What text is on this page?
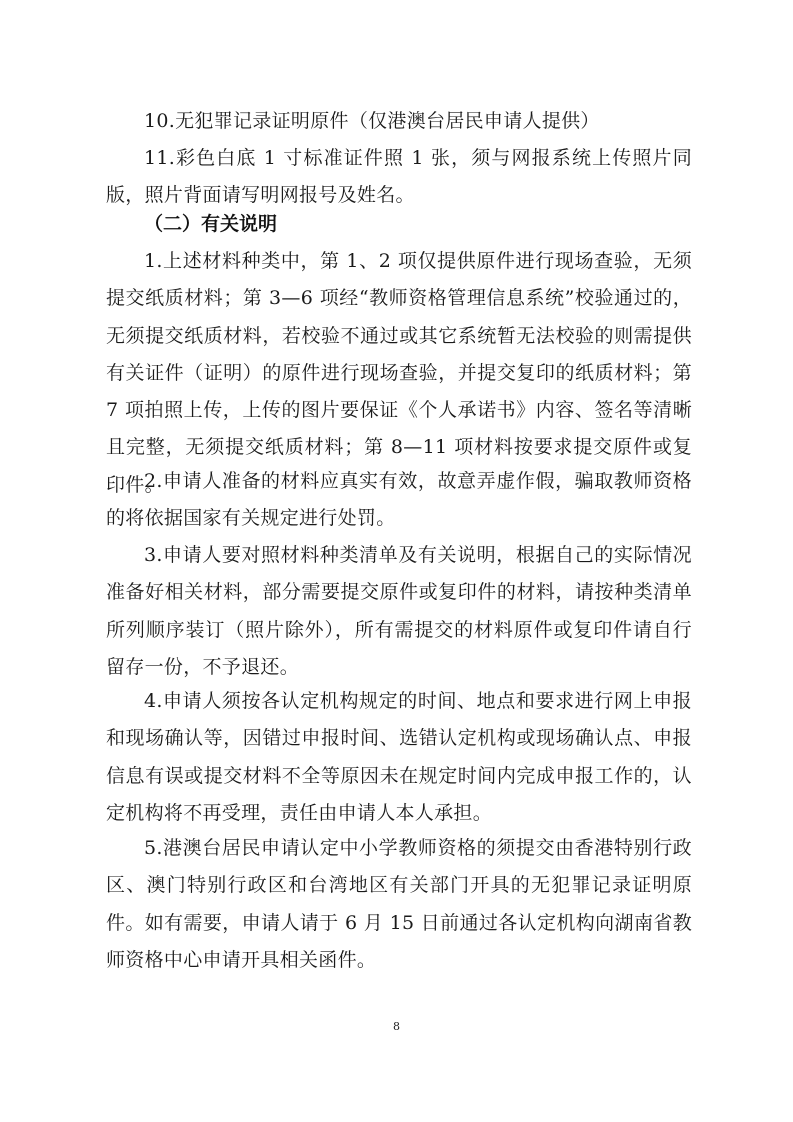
10.无犯罪记录证明原件（仅港澳台居民申请人提供）

11.彩色白底 1 寸标准证件照 1 张，须与网报系统上传照片同版，照片背面请写明网报号及姓名。

（二）有关说明

1.上述材料种类中，第 1、2 项仅提供原件进行现场查验，无须提交纸质材料；第 3—6 项经“教师资格管理信息系统”校验通过的，无须提交纸质材料，若校验不通过或其它系统暂无法校验的则需提供有关证件（证明）的原件进行现场查验，并提交复印的纸质材料；第 7 项拍照上传，上传的图片要保证《个人承诺书》内容、签名等清晰且完整，无须提交纸质材料；第 8—11 项材料按要求提交原件或复印件。

2.申请人准备的材料应真实有效，故意弄虚作假，骗取教师资格的将依据国家有关规定进行处罚。

3.申请人要对照材料种类清单及有关说明，根据自己的实际情况准备好相关材料，部分需要提交原件或复印件的材料，请按种类清单所列顺序装订（照片除外），所有需提交的材料原件或复印件请自行留存一份，不予退还。

4.申请人须按各认定机构规定的时间、地点和要求进行网上申报和现场确认等，因错过申报时间、选错认定机构或现场确认点、申报信息有误或提交材料不全等原因未在规定时间内完成申报工作的，认定机构将不再受理，责任由申请人本人承担。

5.港澳台居民申请认定中小学教师资格的须提交由香港特别行政区、澳门特别行政区和台湾地区有关部门开具的无犯罪记录证明原件。如有需要，申请人请于 6 月 15 日前通过各认定机构向湖南省教师资格中心申请开具相关函件。

8
